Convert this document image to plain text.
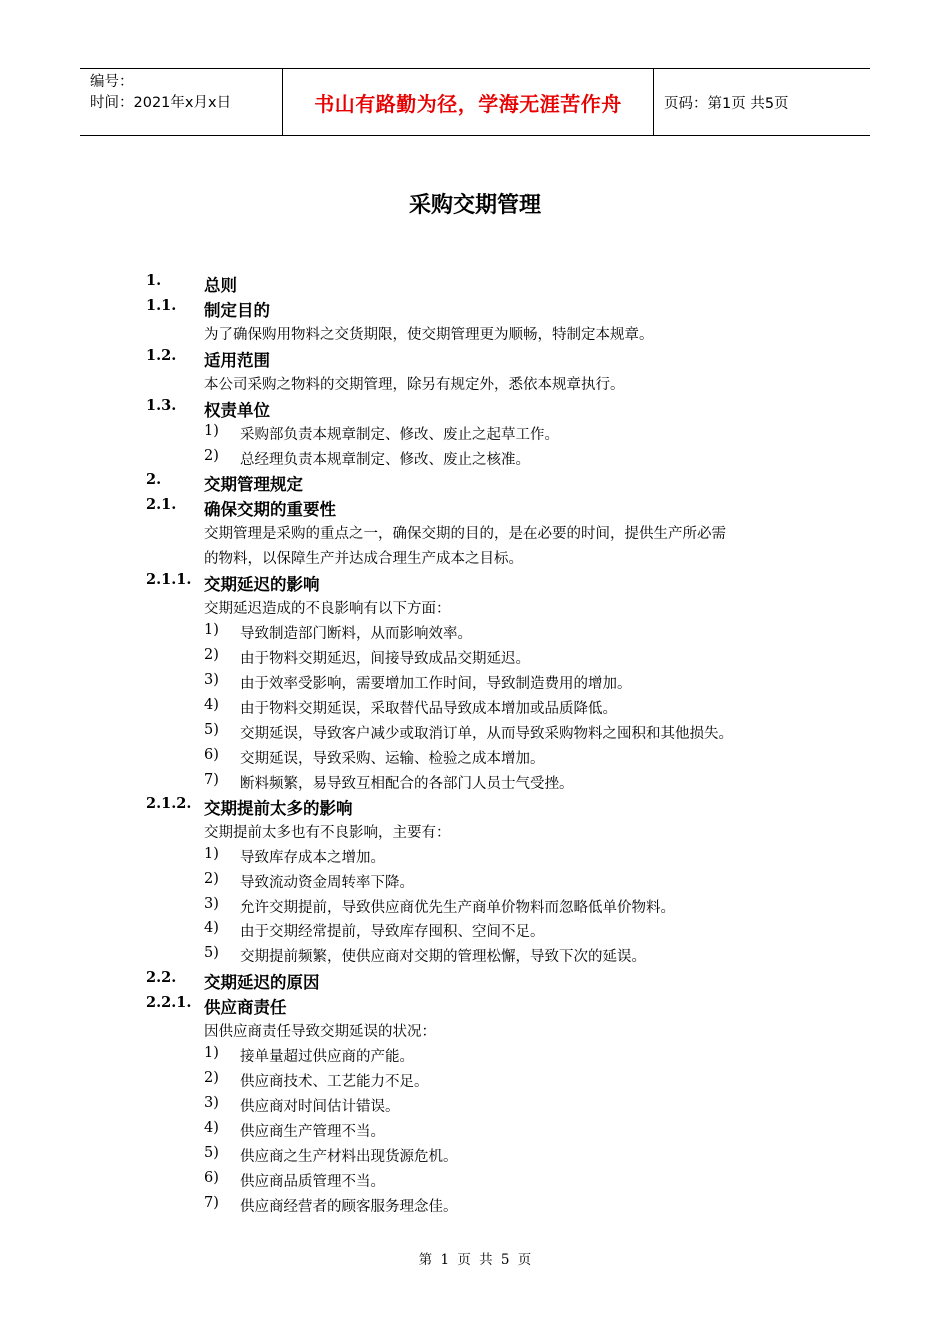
编号：
时间：2021年x月x日	书山有路勤为径，学海无涯苦作舟	页码：第1页 共5页
采购交期管理
1.	总则
1.1. 制定目的
为了确保购用物料之交货期限，使交期管理更为顺畅，特制定本规章。
1.2. 适用范围
本公司采购之物料的交期管理，除另有规定外，悉依本规章执行。
1.3. 权责单位
1) 采购部负责本规章制定、修改、废止之起草工作。
2) 总经理负责本规章制定、修改、废止之核准。
2.	交期管理规定
2.1. 确保交期的重要性
交期管理是采购的重点之一，确保交期的目的，是在必要的时间，提供生产所必需
的物料，以保障生产并达成合理生产成本之目标。
2.1.1. 交期延迟的影响
交期延迟造成的不良影响有以下方面：
1) 导致制造部门断料，从而影响效率。
2) 由于物料交期延迟，间接导致成品交期延迟。
3) 由于效率受影响，需要增加工作时间，导致制造费用的增加。
4) 由于物料交期延误，采取替代品导致成本增加或品质降低。
5) 交期延误，导致客户减少或取消订单，从而导致采购物料之囤积和其他损失。
6) 交期延误，导致采购、运输、检验之成本增加。
7) 断料频繁，易导致互相配合的各部门人员士气受挫。
2.1.2. 交期提前太多的影响
交期提前太多也有不良影响，主要有：
1) 导致库存成本之增加。
2) 导致流动资金周转率下降。
3) 允许交期提前，导致供应商优先生产商单价物料而忽略低单价物料。
4) 由于交期经常提前，导致库存囤积、空间不足。
5) 交期提前频繁，使供应商对交期的管理松懈，导致下次的延误。
2.2. 交期延迟的原因
2.2.1. 供应商责任
因供应商责任导致交期延误的状况：
1) 接单量超过供应商的产能。
2) 供应商技术、工艺能力不足。
3) 供应商对时间估计错误。
4) 供应商生产管理不当。
5) 供应商之生产材料出现货源危机。
6) 供应商品质管理不当。
7) 供应商经营者的顾客服务理念佳。
第 1 页 共 5 页
